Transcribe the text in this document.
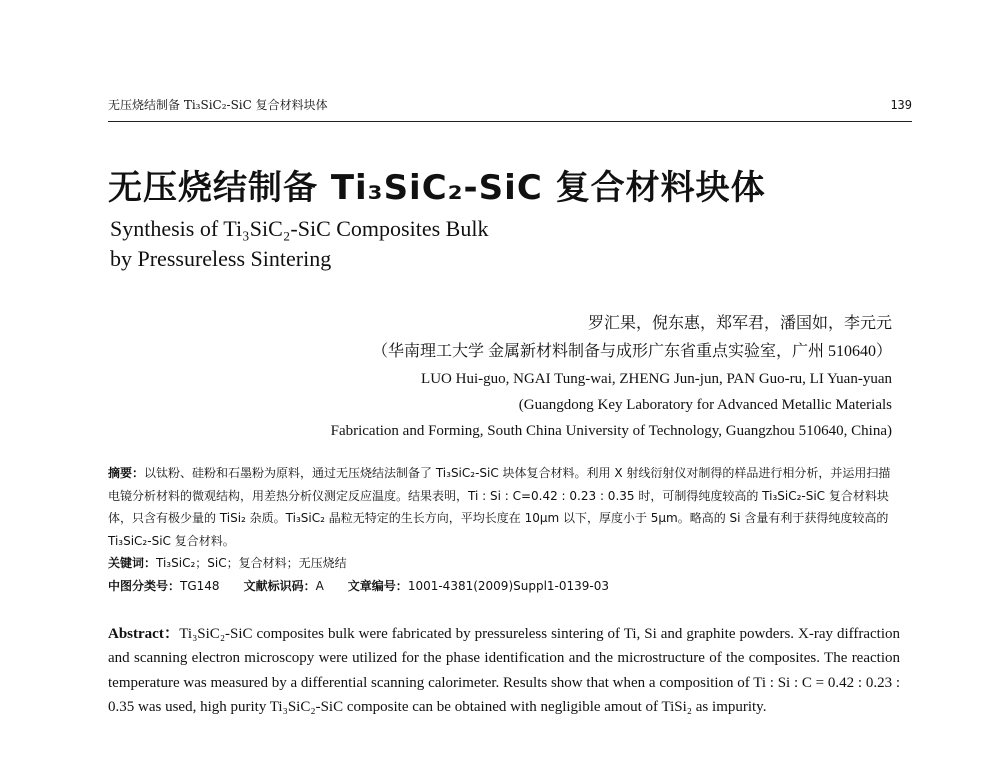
无压烧结制备 Ti₃SiC₂-SiC 复合材料块体	139
无压烧结制备 Ti₃SiC₂-SiC 复合材料块体
Synthesis of Ti₃SiC₂-SiC Composites Bulk
by Pressureless Sintering
罗汇果，倪东惠，郑军君，潘国如，李元元
（华南理工大学 金属新材料制备与成形广东省重点实验室，广州 510640）
LUO Hui-guo, NGAI Tung-wai, ZHENG Jun-jun, PAN Guo-ru, LI Yuan-yuan
(Guangdong Key Laboratory for Advanced Metallic Materials
Fabrication and Forming, South China University of Technology, Guangzhou 510640, China)
摘要：以钛粉、硅粉和石墨粉为原料，通过无压烧结法制备了 Ti₃SiC₂-SiC 块体复合材料。利用 X 射线衍射仪对制得的样品进行相分析，并运用扫描电镜分析材料的微观结构，用差热分析仪测定反应温度。结果表明，Ti : Si : C=0.42 : 0.23 : 0.35 时，可制得纯度较高的 Ti₃SiC₂-SiC 复合材料块体，只含有极少量的 TiSi₂ 杂质。Ti₃SiC₂ 晶粒无特定的生长方向，平均长度在 10μm 以下，厚度小于 5μm。略高的 Si 含量有利于获得纯度较高的 Ti₃SiC₂-SiC 复合材料。
关键词：Ti₃SiC₂；SiC；复合材料；无压烧结
中图分类号：TG148 文献标识码：A 文章编号：1001-4381(2009)Suppl1-0139-03
Abstract：Ti₃SiC₂-SiC composites bulk were fabricated by pressureless sintering of Ti, Si and graphite powders. X-ray diffraction and scanning electron microscopy were utilized for the phase identification and the microstructure of the composites. The reaction temperature was measured by a differential scanning calorimeter. Results show that when a composition of Ti : Si : C = 0.42 : 0.23 : 0.35 was used, high purity Ti₃SiC₂-SiC composite can be obtained with negligible amout of TiSi₂ as impurity.
